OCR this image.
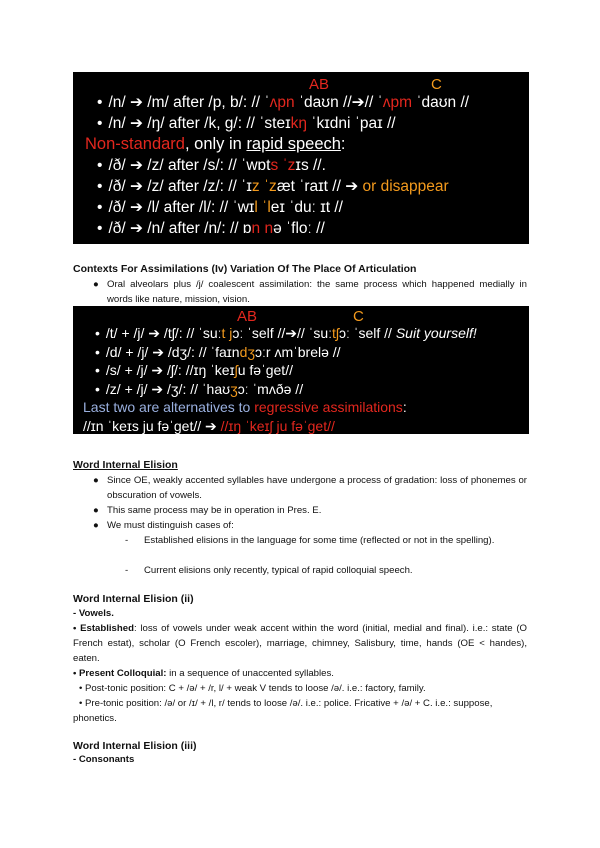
AB	C
• /n/ ➔ /m/ after /p, b/: // ˈʌpn ˈdaʊn //➔// ˈʌpm ˈdaʊn //
• /n/ ➔ /ŋ/ after /k, g/: // ˈsteɪkŋ ˈkɪdni ˈpaɪ //
Non-standard, only in rapid speech:
• /ð/ ➔ /z/ after /s/: // ˈwɒts ˈzɪs //.
• /ð/ ➔ /z/ after /z/: // ˈɪz ˈzæt ˈraɪt // ➔ or disappear
• /ð/ ➔ /l/ after /l/: // ˈwɪl ˈleɪ ˈduː ɪt //
• /ð/ ➔ /n/ after /n/: // ɒn nə ˈfloː //
Contexts For Assimilations (Iv) Variation Of The Place Of Articulation
● Oral alveolars plus /j/ coalescent assimilation: the same process which happened medially in words like nature, mission, vision.
AB	C
• /t/ + /j/ ➔ /tʃ/: // ˈsuːt jɔː ˈself //➔// ˈsuːtʃɔː ˈself // Suit yourself!
• /d/ + /j/ ➔ /dʒ/: // ˈfaɪndʒɔːr ʌmˈbrelə //
• /s/ + /j/ ➔ /ʃ/: //ɪŋ ˈkeɪʃu fəˈget//
• /z/ + /j/ ➔ /ʒ/: // ˈhaʊʒɔː ˈmʌðə //
Last two are alternatives to regressive assimilations:
//ɪn ˈkeɪs ju fəˈget// ➔ //ɪŋ ˈkeɪʃ ju fəˈget//
Word Internal Elision
● Since OE, weakly accented syllables have undergone a process of gradation: loss of phonemes or obscuration of vowels.
● This same process may be in operation in Pres. E.
● We must distinguish cases of:
- Established elisions in the language for some time (reflected or not in the spelling).
- Current elisions only recently, typical of rapid colloquial speech.
Word Internal Elision (ii)
- Vowels.
• Established: loss of vowels under weak accent within the word (initial, medial and final). i.e.: state (O French estat), scholar (O French escoler), marriage, chimney, Salisbury, time, hands (OE < handes), eaten.
• Present Colloquial: in a sequence of unaccented syllables.
• Post-tonic position: C + /ə/ + /r, l/ + weak V tends to loose /ə/. i.e.: factory, family.
• Pre-tonic position: /ə/ or /ɪ/ + /l, r/ tends to loose /ə/. i.e.: police. Fricative + /ə/ + C. i.e.: suppose, phonetics.
Word Internal Elision (iii)
- Consonants
